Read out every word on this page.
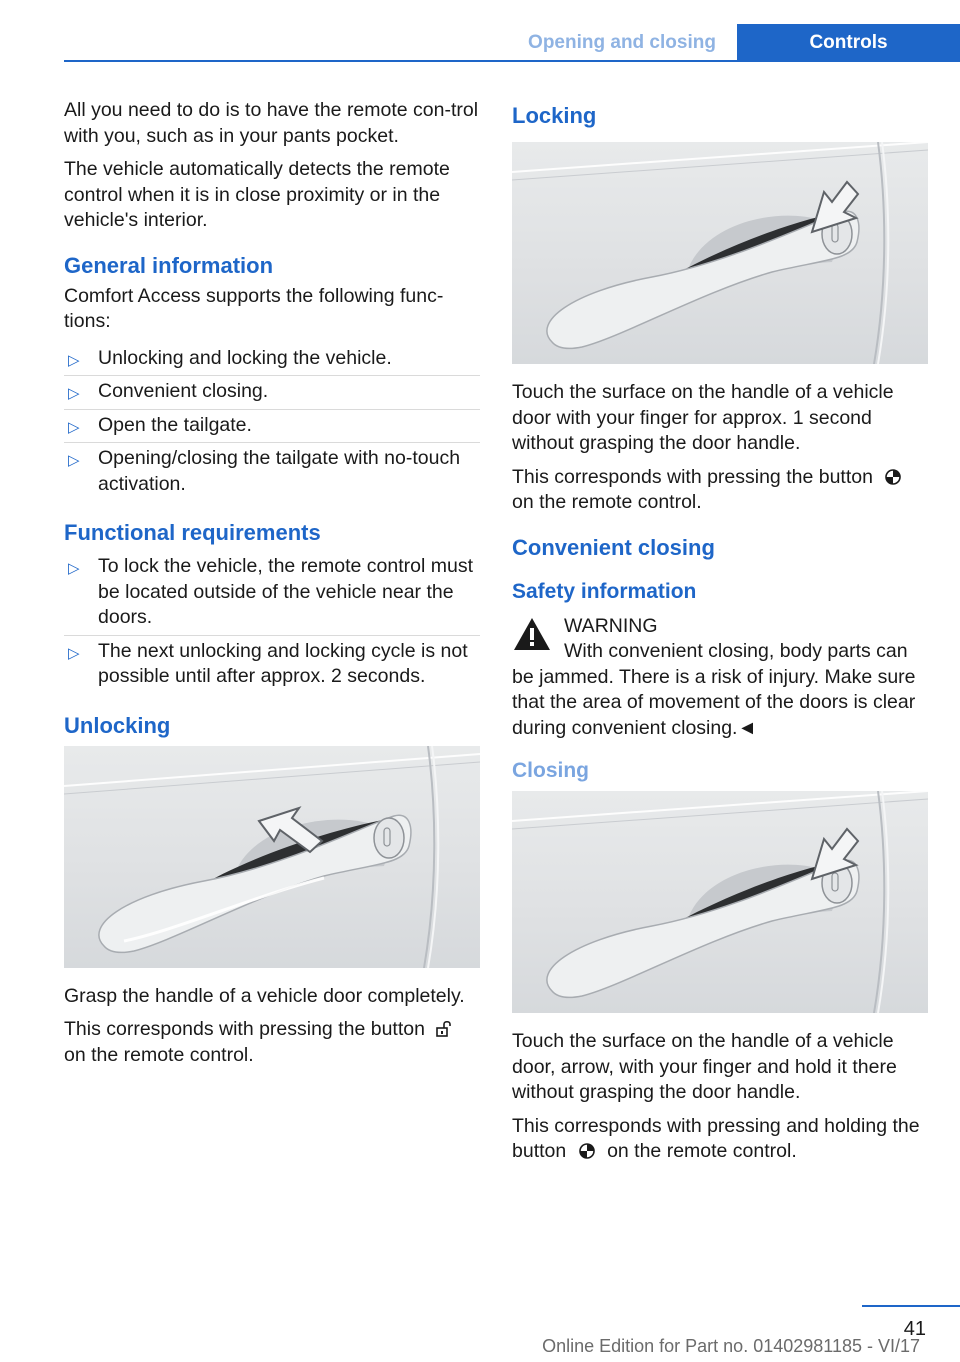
Opening and closing	Controls

All you need to do is to have the remote con-trol with you, such as in your pants pocket.

The vehicle automatically detects the remote control when it is in close proximity or in the vehicle's interior.

General information

Comfort Access supports the following func-tions:

▷ Unlocking and locking the vehicle.
▷ Convenient closing.
▷ Open the tailgate.
▷ Opening/closing the tailgate with no-touch activation.
Functional requirements
▷ To lock the vehicle, the remote control must be located outside of the vehicle near the doors.
▷ The next unlocking and locking cycle is not possible until after approx. 2 seconds.
Unlocking

Grasp the handle of a vehicle door completely.

This corresponds with pressing the button  on the remote control.

Locking

Touch the surface on the handle of a vehicle door with your finger for approx. 1 second without grasping the door handle.

This corresponds with pressing the button  on the remote control.

Convenient closing
Safety information
WARNING
With convenient closing, body parts can be jammed. There is a risk of injury. Make sure that the area of movement of the doors is clear during convenient closing.◄
Closing

Touch the surface on the handle of a vehicle door, arrow, with your finger and hold it there without grasping the door handle.

This corresponds with pressing and holding the button on the remote control.

41
Online Edition for Part no. 01402981185 - VI/17
